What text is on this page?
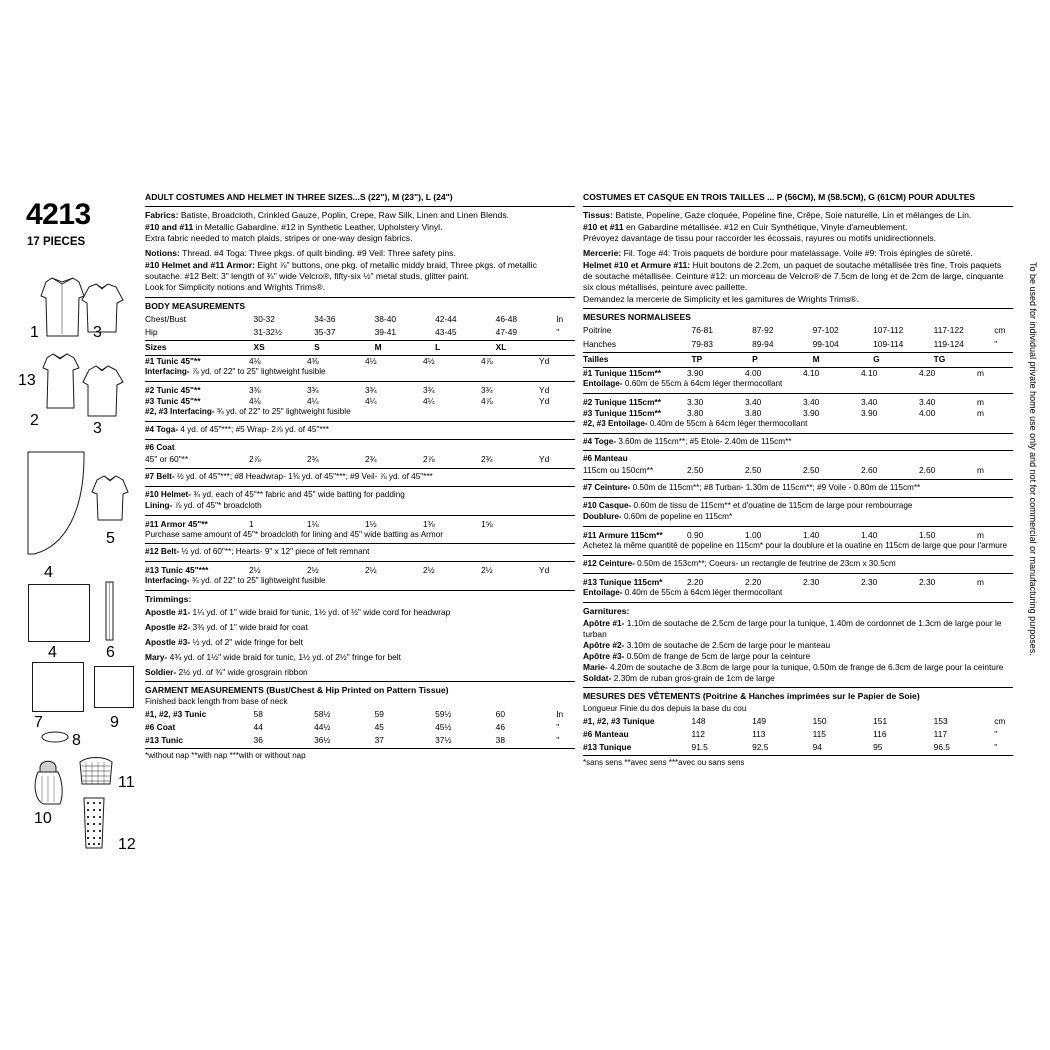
4213
17 PIECES
1	3
13
2	3
4
5
4	6
7	9
8
10
11
12
ADULT COSTUMES AND HELMET IN THREE SIZES...S (22"), M (23"), L (24")

Fabrics: Batiste, Broadcloth, Crinkled Gauze, Poplin, Crepe, Raw Silk, Linen and Linen Blends.

#10 and #11 in Metallic Gabardine. #12 in Synthetic Leather, Upholstery Vinyl.

Extra fabric needed to match plaids, stripes or one-way design fabrics.

Notions: Thread. #4 Toga: Three pkgs. of quilt binding. #9 Veil: Three safety pins.

#10 Helmet and #11 Armor: Eight ⅞" buttons, one pkg. of metallic middy braid, Three pkgs. of metallic soutache. #12 Belt: 3" length of ¾" wide Velcro®, fifty-six ½" metal studs, glitter paint.

Look for Simplicity notions and Wrights Trims®.

BODY MEASUREMENTS
Chest/Bust	30-32	34-36	38-40	42-44	46-48	In
Hip	31-32½	35-37	39-41	43-45	47-49	"
Sizes	XS	S	M	L	XL	
#1 Tunic 45"**	4⅛	4⅜	4½	4½	4⅞	Yd
Interfacing- ⅞ yd. of 22" to 25" lightweight fusible
#2 Tunic 45"**	3⅜	3¾	3¾	3¾	3¾	Yd
#3 Tunic 45"**	4⅛	4¼	4¼	4¼	4⅞	Yd
#2, #3 Interfacing- ¾ yd. of 22" to 25" lightweight fusible
#4 Toga- 4 yd. of 45"***; #5 Wrap- 2⅞ yd. of 45"***
#6 Coat
45" or 60"**	2⅞	2¾	2¾	2⅞	2¾	Yd
#7 Belt- ½ yd. of 45"***; #8 Headwrap- 1⅜ yd. of 45"***; #9 Veil- ⅞ yd. of 45"***
#10 Helmet- ¾ yd. each of 45"** fabric and 45" wide batting for padding
Lining- ⅞ yd. of 45"* broadcloth
#11 Armor 45"**	1	1⅛	1½	1⅜	1⅝
Purchase same amount of 45"* broadcloth for lining and 45" wide batting as Armor
#12 Belt- ½ yd. of 60"**; Hearts- 9" x 12" piece of felt remnant
#13 Tunic 45"***	2½	2½	2½	2½	2½	Yd
Interfacing- ¾ yd. of 22" to 25" lightweight fusible
Trimmings:

Apostle #1- 1¼ yd. of 1" wide braid for tunic, 1½ yd. of ½" wide cord for headwrap

Apostle #2- 3⅜ yd. of 1" wide braid for coat

Apostle #3- ½ yd. of 2" wide fringe for belt

Mary- 4¾ yd. of 1½" wide braid for tunic, 1½ yd. of 2½" fringe for belt

Soldier- 2½ yd. of ⅜" wide grosgrain ribbon

GARMENT MEASUREMENTS (Bust/Chest & Hip Printed on Pattern Tissue)
Finished back length from base of neck
#1, #2, #3 Tunic	58	58½	59	59½	60	In
#6 Coat	44	44½	45	45½	46	"
#13 Tunic	36	36½	37	37½	38	"
*without nap **with nap ***with or without nap
COSTUMES ET CASQUE EN TROIS TAILLES ... P (56CM), M (58.5CM), G (61CM) POUR ADULTES

Tissus: Batiste, Popeline, Gaze cloquée, Popeline fine, Crêpe, Soie naturelle, Lin et mélanges de Lin.

#10 et #11 en Gabardine métallisée. #12 en Cuir Synthétique, Vinyle d'ameublement.

Prévoyez davantage de tissu pour raccorder les écossais, rayures ou motifs unidirectionnels.

Mercerie: Fil. Toge #4: Trois paquets de bordure pour matelassage. Voile #9: Trois épingles de sûreté.

Helmet #10 et Armure #11: Huit boutons de 2.2cm, un paquet de soutache métallisée très fine, Trois paquets de soutache métallisée. Ceinture #12: un morceau de Velcro® de 7.5cm de long et de 2cm de large, cinquante six clous métallisés, peinture avec paillette.

Demandez la mercerie de Simplicity et les garnitures de Wrights Trims®.

MESURES NORMALISEES
Poitrine	76-81	87-92	97-102	107-112	117-122	cm
Hanches	79-83	89-94	99-104	109-114	119-124	"
Tailles	TP	P	M	G	TG	
#1 Tunique 115cm**	3.90	4.00	4.10	4.10	4.20	m
Entoilage- 0.60m de 55cm à 64cm léger thermocollant
#2 Tunique 115cm**	3.30	3.40	3.40	3.40	3.40	m
#3 Tunique 115cm**	3.80	3.80	3.90	3.90	4.00	m
#2, #3 Entoilage- 0.40m de 55cm à 64cm léger thermocollant
#4 Toge- 3.60m de 115cm**; #5 Etole- 2.40m de 115cm**
#6 Manteau
115cm ou 150cm**	2.50	2.50	2.50	2.60	2.60	m
#7 Ceinture- 0.50m de 115cm**; #8 Turban- 1.30m de 115cm**; #9 Voile - 0.80m de 115cm**
#10 Casque- 0.60m de tissu de 115cm** et d'ouatine de 115cm de large pour rembourrage
Doublure- 0.60m de popeline en 115cm*
#11 Armure 115cm**	0.90	1.00	1.40	1.40	1.50	m
Achetez la même quantité de popeline en 115cm* pour la doublure et la ouatine en 115cm de large que pour l'armure
#12 Ceinture- 0.50m de 153cm**; Coeurs- un rectangle de feutrine de 23cm x 30.5cm
#13 Tunique 115cm*	2.20	2.20	2.30	2.30	2.30	m
Entoilage- 0.40m de 55cm à 64cm léger thermocollant
Garnitures:

Apôtre #1- 1.10m de soutache de 2.5cm de large pour la tunique, 1.40m de cordonnet de 1.3cm de large pour le turban

Apôtre #2- 3.10m de soutache de 2.5cm de large pour le manteau

Apôtre #3- 0.50m de frange de 5cm de large pour la ceinture

Marie- 4.20m de soutache de 3.8cm de large pour la tunique, 0.50m de frange de 6.3cm de large pour la ceinture

Soldat- 2.30m de ruban gros-grain de 1cm de large

MESURES DES VÊTEMENTS (Poitrine & Hanches imprimées sur le Papier de Soie)
Longueur Finie du dos depuis la base du cou
#1, #2, #3 Tunique	148	149	150	151	153	cm
#6 Manteau	112	113	115	116	117	"
#13 Tunique	91.5	92.5	94	95	96.5	"
*sans sens **avec sens ***avec ou sans sens
To be used for individual private home use only and not for commercial or manufacturing purposes.
